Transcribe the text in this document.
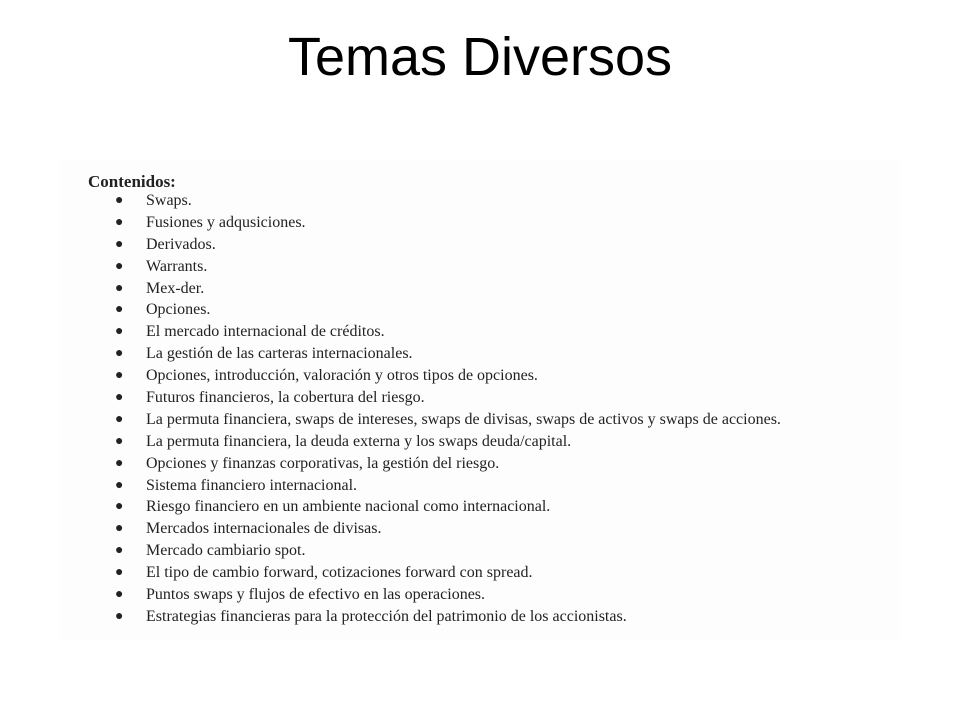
Temas Diversos
Contenidos:
● Swaps.
● Fusiones y adqusiciones.
● Derivados.
● Warrants.
● Mex-der.
● Opciones.
● El mercado internacional de créditos.
● La gestión de las carteras internacionales.
● Opciones, introducción, valoración y otros tipos de opciones.
● Futuros financieros, la cobertura del riesgo.
● La permuta financiera, swaps de intereses, swaps de divisas, swaps de activos y swaps de acciones.
● La permuta financiera, la deuda externa y los swaps deuda/capital.
● Opciones y finanzas corporativas, la gestión del riesgo.
● Sistema financiero internacional.
● Riesgo financiero en un ambiente nacional como internacional.
● Mercados internacionales de divisas.
● Mercado cambiario spot.
● El tipo de cambio forward, cotizaciones forward con spread.
● Puntos swaps y flujos de efectivo en las operaciones.
● Estrategias financieras para la protección del patrimonio de los accionistas.
